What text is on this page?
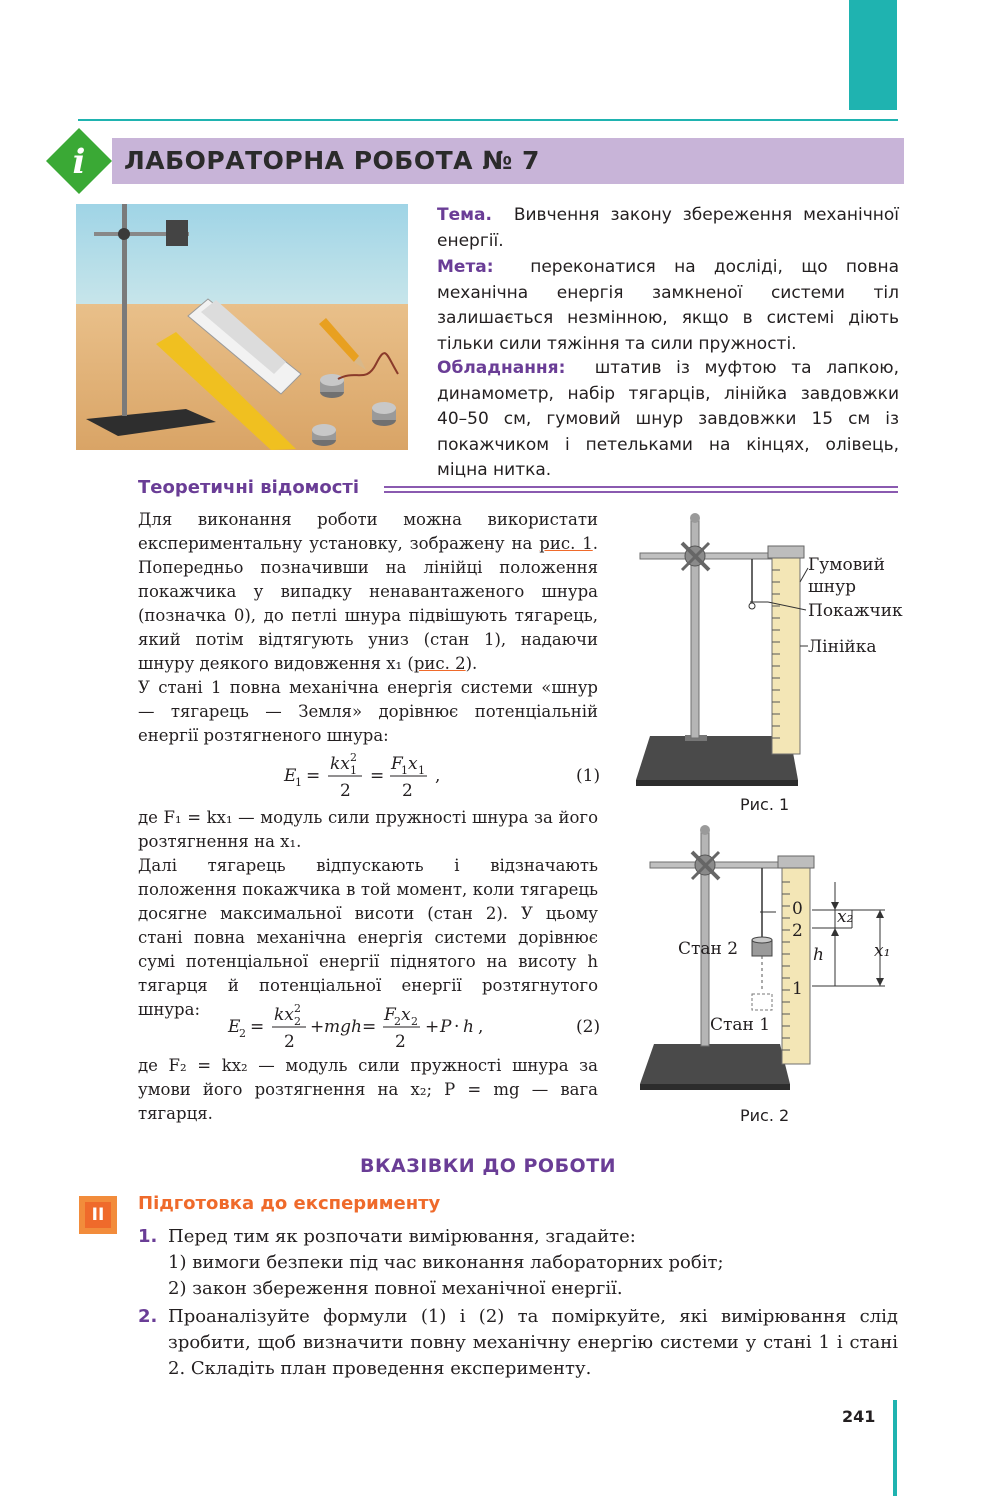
i ЛАБОРАТОРНА РОБОТА № 7
Тема. Вивчення закону збереження механічної енергії.
Мета: переконатися на досліді, що повна механічна енергія замкненої системи тіл залишається незмінною, якщо в системі діють тільки сили тяжіння та сили пружності.
Обладнання: штатив із муфтою та лапкою, динамометр, набір тягарців, лінійка завдовжки 40–50 см, гумовий шнур завдовжки 15 см із покажчиком і петельками на кінцях, олівець, міцна нитка.
Теоретичні відомості
Для виконання роботи можна використати експериментальну установку, зображену на рис. 1. Попередньо позначивши на лінійці положення покажчика у випадку ненавантаженого шнура (позначка 0), до петлі шнура підвішують тягарець, який потім відтягують униз (стан 1), надаючи шнуру деякого видовження x₁ (рис. 2).
У стані 1 повна механічна енергія системи «шнур — тягарець — Земля» дорівнює потенціальній енергії розтягненого шнура:
E
1 =
kx 1
2
2
=
F
1 x 1
2
,	(1)
де F₁ = kx₁ — модуль сили пружності шнура за його розтягнення на x₁.
Далі тягарець відпускають і відзначають положення покажчика в той момент, коли тягарець досягне максимальної висоти (стан 2). У цьому стані повна механічна енергія системи дорівнює сумі потенціальної енергії піднятого на висоту h тягарця й потенціальної енергії розтягнутого шнура:
E
2 =
kx 2
2
2
+ mgh =
F
2 x 2
2
+ P · h ,	(2)
де F₂ = kx₂ — модуль сили пружності шнура за умови його розтягнення на x₂; P = mg — вага тягарця.
Гумовий
шнур
Покажчик
Лінійка
Рис. 1
0
2
1
x₂
x₁
h
Стан 2
Стан 1
Рис. 2
ВКАЗІВКИ ДО РОБОТИ
II
Підготовка до експерименту
1. Перед тим як розпочати вимірювання, згадайте:
1) вимоги безпеки під час виконання лабораторних робіт;
2) закон збереження повної механічної енергії.
2. Проаналізуйте формули (1) і (2) та поміркуйте, які вимірювання слід зробити, щоб визначити повну механічну енергію системи у стані 1 і стані 2. Складіть план проведення експерименту.
241
